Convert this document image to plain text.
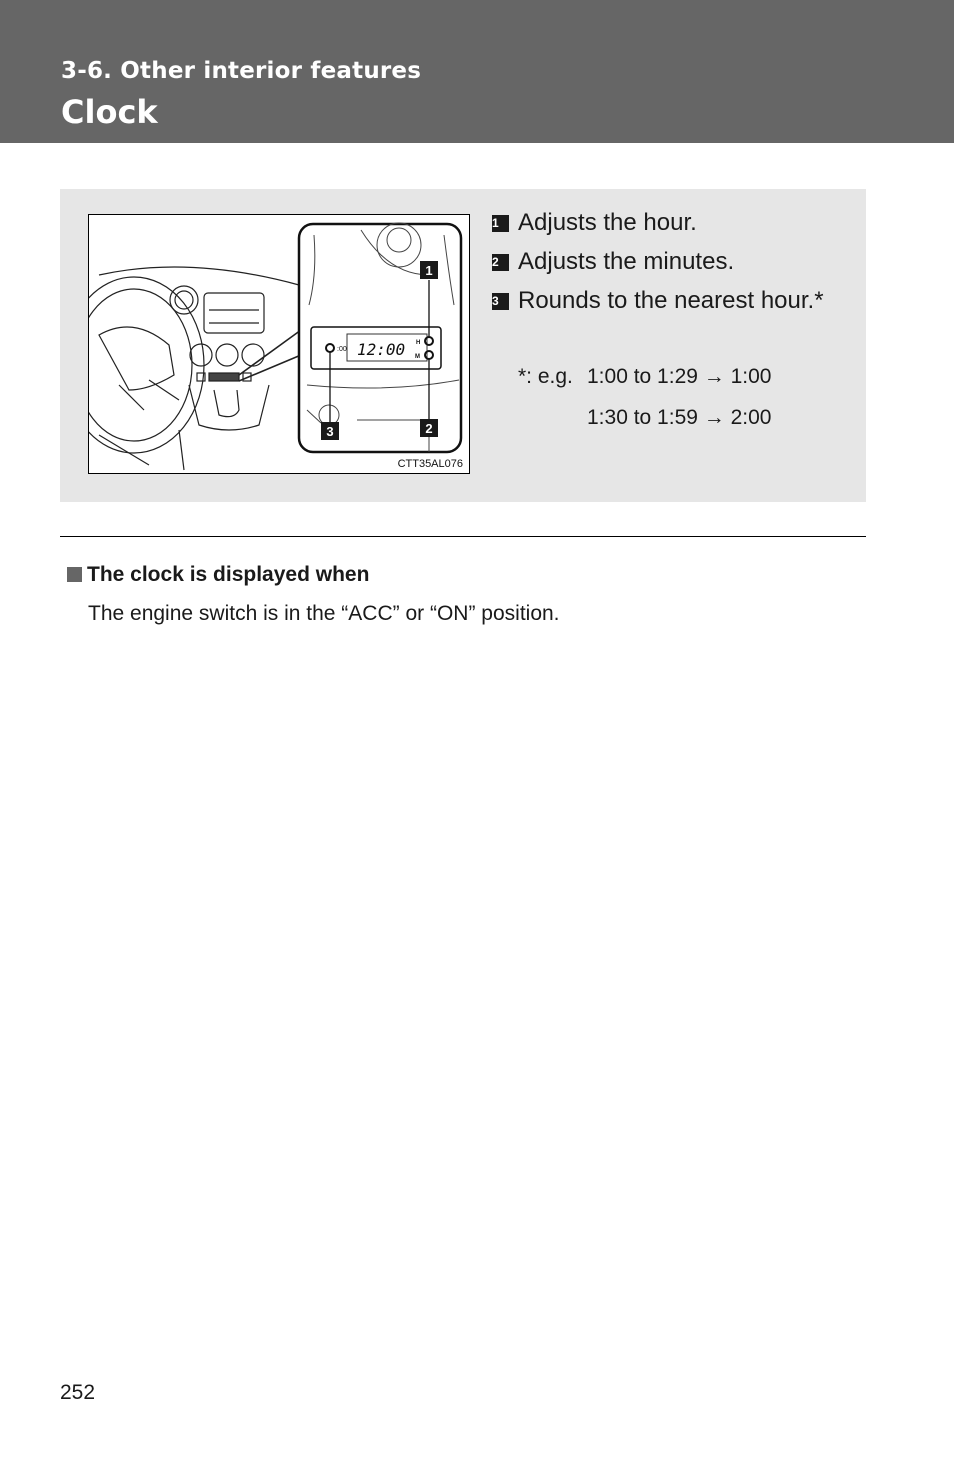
3-6. Other interior features
Clock
:00 12:00 H
M
1
2
3
CTT35AL076
1 Adjusts the hour.
2 Adjusts the minutes.
3 Rounds to the nearest hour.*
*: e.g. 1:00 to 1:29 → 1:00
1:30 to 1:59 → 2:00
The clock is displayed when
The engine switch is in the “ACC” or “ON” position.
252
